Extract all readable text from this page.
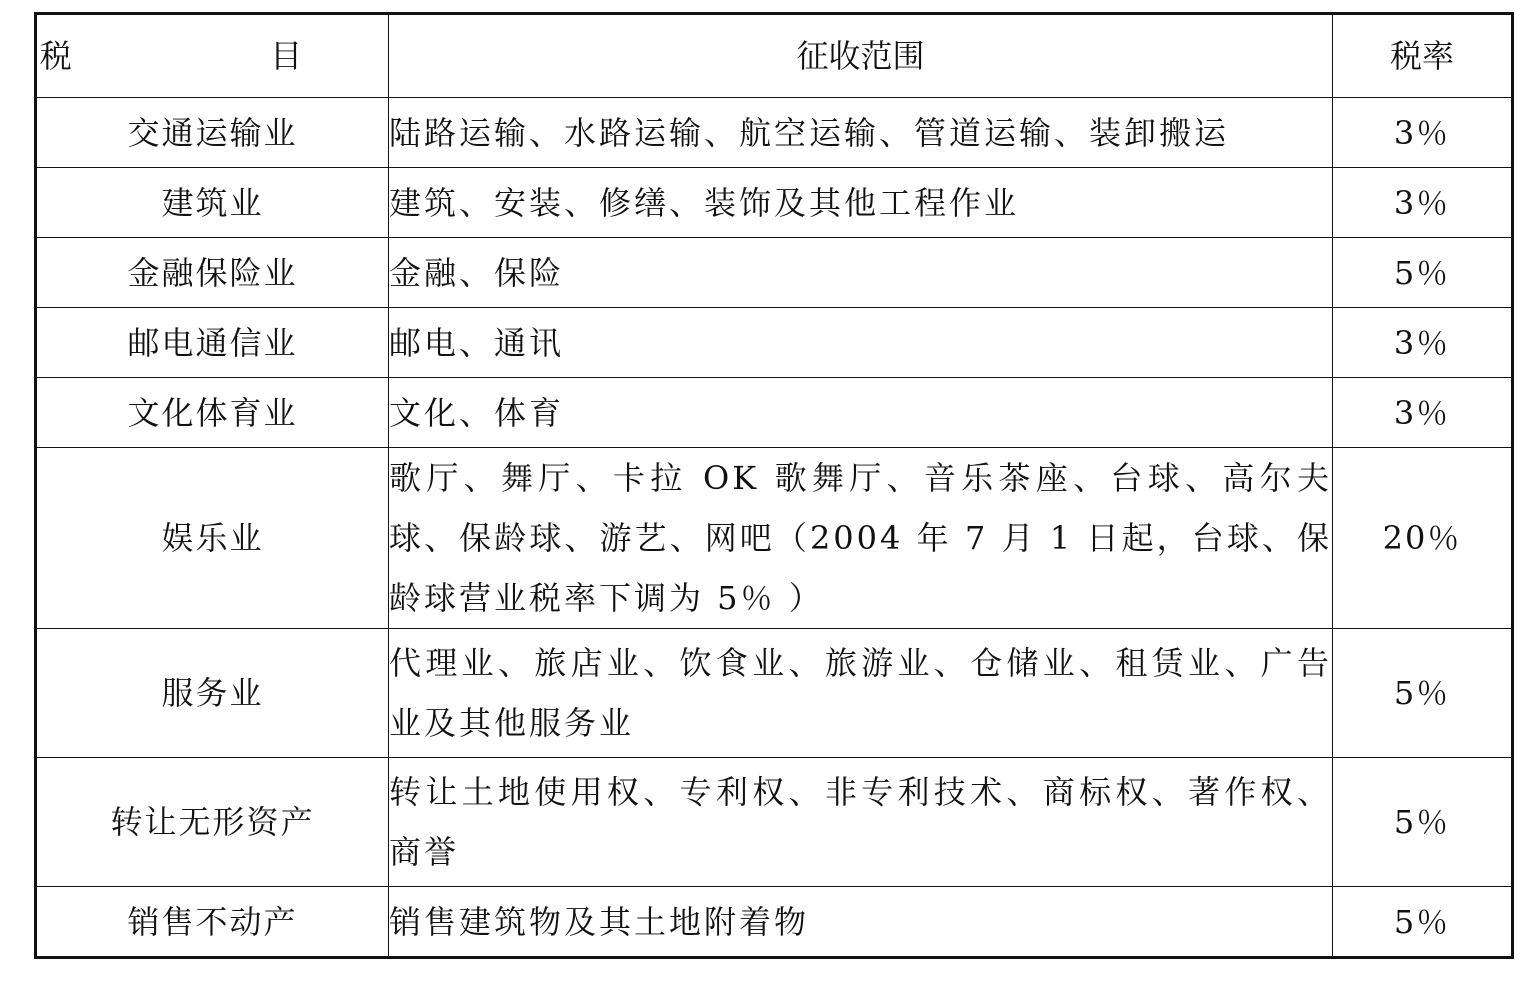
税　目	征收范围	税率
交通运输业	陆路运输、水路运输、航空运输、管道运输、装卸搬运	3％
建筑业	建筑、安装、修缮、装饰及其他工程作业	3％
金融保险业	金融、保险	5％
邮电通信业	邮电、通讯	3％
文化体育业	文化、体育	3％
娱乐业	歌厅、舞厅、卡拉 OK 歌舞厅、音乐茶座、台球、高尔夫球、保龄球、游艺、网吧（2004 年 7 月 1 日起，台球、保龄球营业税率下调为 5％ ）	20％
服务业	代理业、旅店业、饮食业、旅游业、仓储业、租赁业、广告业及其他服务业	5％
转让无形资产	转让土地使用权、专利权、非专利技术、商标权、著作权、商誉	5％
销售不动产	销售建筑物及其土地附着物	5％
